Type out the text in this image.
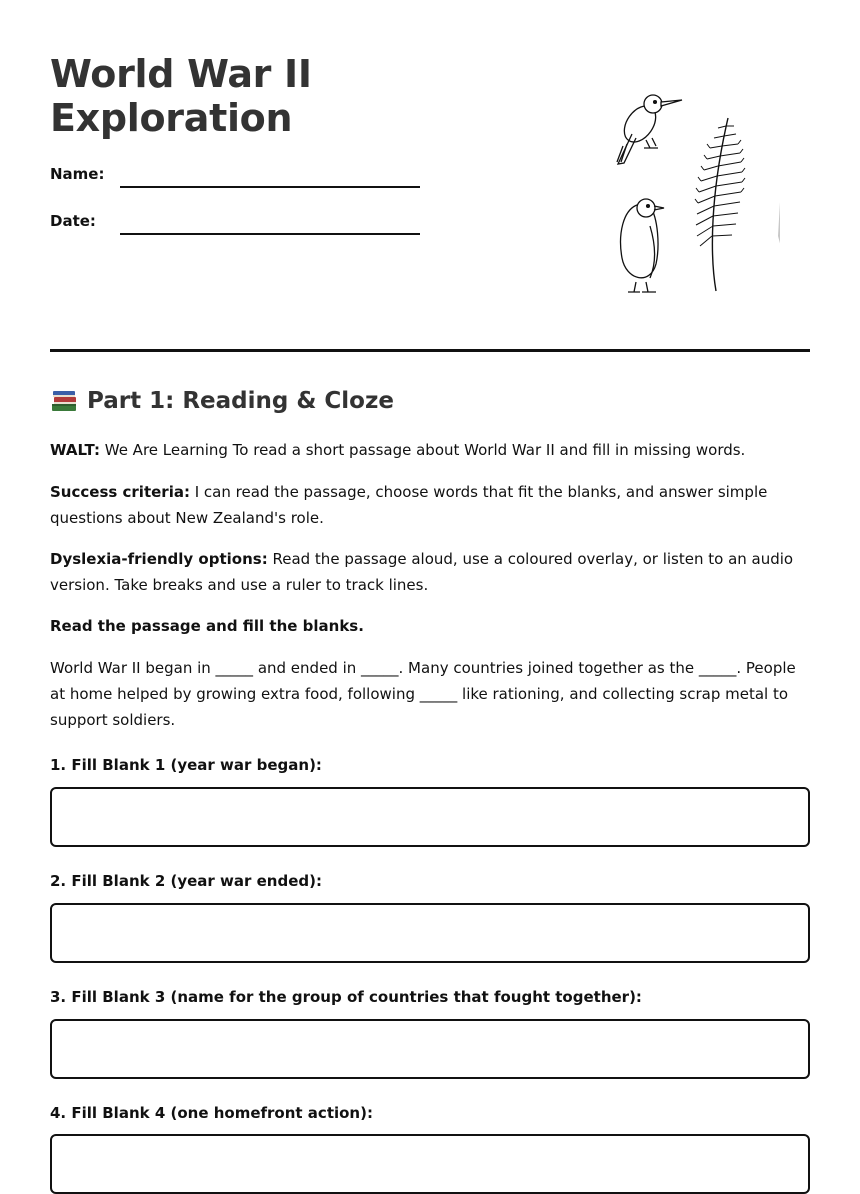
World War II
Exploration
Name:
Date:
Part 1: Reading & Cloze

WALT: We Are Learning To read a short passage about World War II and fill in missing words.

Success criteria: I can read the passage, choose words that fit the blanks, and answer simple questions about New Zealand's role.

Dyslexia-friendly options: Read the passage aloud, use a coloured overlay, or listen to an audio version. Take breaks and use a ruler to track lines.

Read the passage and fill the blanks.

World War II began in _____ and ended in _____. Many countries joined together as the _____. People at home helped by growing extra food, following _____ like rationing, and collecting scrap metal to support soldiers.

1. Fill Blank 1 (year war began):
2. Fill Blank 2 (year war ended):
3. Fill Blank 3 (name for the group of countries that fought together):
4. Fill Blank 4 (one homefront action):
